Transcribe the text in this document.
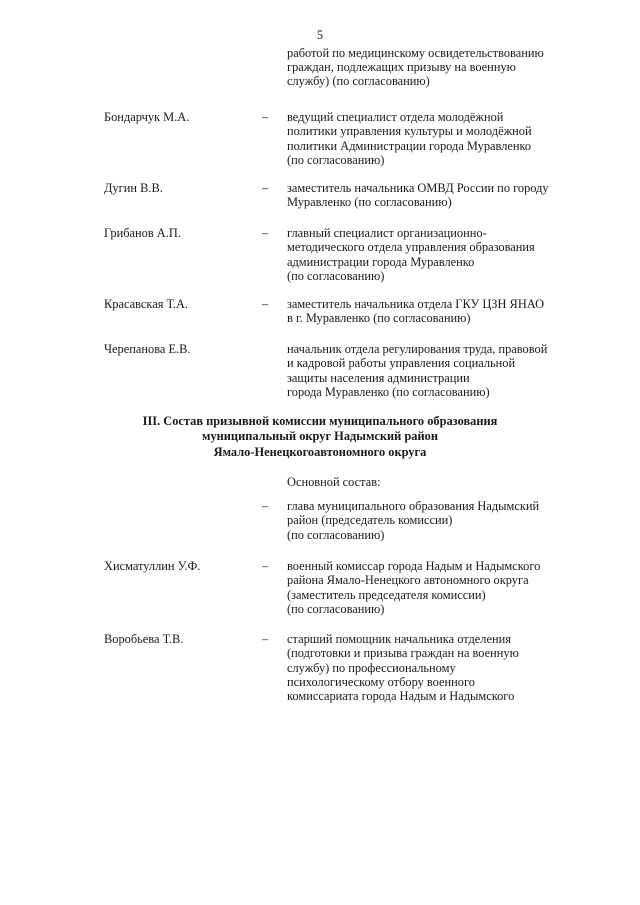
5
работой по медицинскому освидетельствованию
граждан, подлежащих призыву на военную
службу) (по согласованию)
Бондарчук М.А.	– ведущий специалист отдела молодёжной
политики управления культуры и молодёжной
политики Администрации города Муравленко
(по согласованию)
Дугин В.В.	– заместитель начальника ОМВД России по городу
Муравленко (по согласованию)
Грибанов А.П.	– главный специалист организационно-
методического отдела управления образования
администрации города Муравленко
(по согласованию)
Красавская Т.А.	– заместитель начальника отдела ГКУ ЦЗН ЯНАО
в г. Муравленко (по согласованию)
Черепанова Е.В.	начальник отдела регулирования труда, правовой
и кадровой работы управления социальной
защиты населения администрации
города Муравленко (по согласованию)
III. Состав призывной комиссии муниципального образования
муниципальный округ Надымский район
Ямало-Ненецкогоавтономного округа
Основной состав:
– глава муниципального образования Надымский
район (председатель комиссии)
(по согласованию)
Хисматуллин У.Ф.	– военный комиссар города Надым и Надымского
района Ямало-Ненецкого автономного округа
(заместитель председателя комиссии)
(по согласованию)
Воробьева Т.В.	– старший помощник начальника отделения
(подготовки и призыва граждан на военную
службу) по профессиональному
психологическому отбору военного
комиссариата города Надым и Надымского
